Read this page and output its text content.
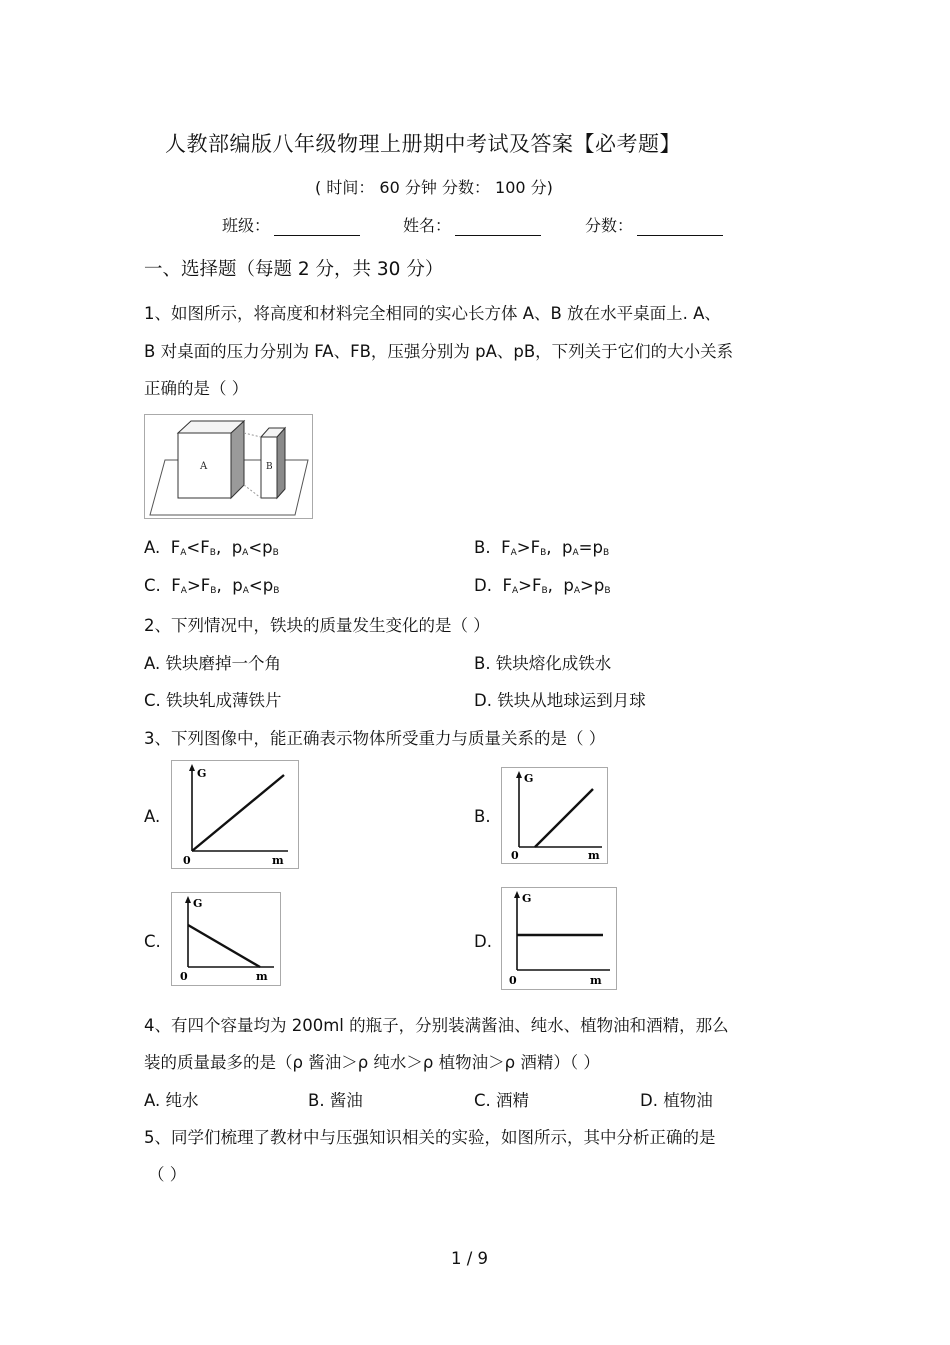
人教部编版八年级物理上册期中考试及答案【必考题】
( 时间： 60 分钟 分数： 100 分)
班级：	姓名：	分数：
一、选择题（每题 2 分，共 30 分）
1、如图所示，将高度和材料完全相同的实心长方体 A、B 放在水平桌面上. A、
B 对桌面的压力分别为 FA、FB，压强分别为 pA、pB，下列关于它们的大小关系
正确的是（ ）
A	B
A. $F_A<F_B$,  $p_A<p_B$	B. $F_A>F_B$,  $p_A=p_B$
C. $F_A>F_B$,  $p_A<p_B$	D. $F_A>F_B$,  $p_A>p_B$
2、下列情况中，铁块的质量发生变化的是（ ）
A. 铁块磨掉一个角	B. 铁块熔化成铁水
C. 铁块轧成薄铁片	D. 铁块从地球运到月球
3、下列图像中，能正确表示物体所受重力与质量关系的是（ ）
A.
G
m
0
B.
G
m
0
C.
G
m
0
D.
G
m
0
4、有四个容量均为 200ml 的瓶子，分别装满酱油、纯水、植物油和酒精，那么
装的质量最多的是（ρ 酱油＞ρ 纯水＞ρ 植物油＞ρ 酒精）（ ）
A. 纯水	B. 酱油	C. 酒精	D. 植物油
5、同学们梳理了教材中与压强知识相关的实验，如图所示，其中分析正确的是
（ ）
1 / 9
